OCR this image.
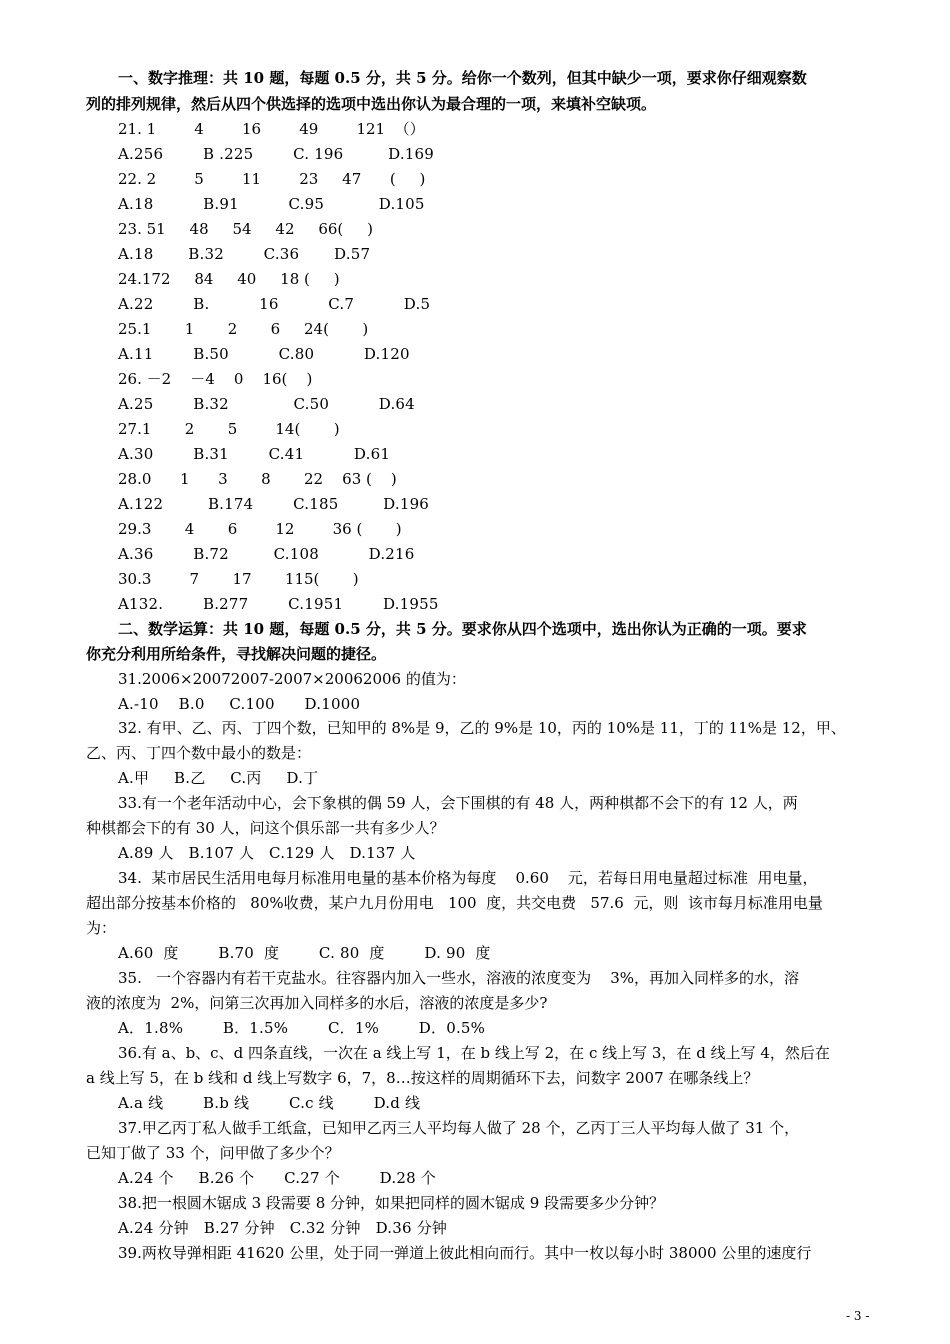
一、数字推理：共 10 题，每题 0.5 分，共 5 分。给你一个数列，但其中缺少一项，要求你仔细观察数

列的排列规律，然后从四个供选择的选项中选出你认为最合理的一项，来填补空缺项。

21. 1        4        16        49        121  （）

A.256        B .225        C. 196         D.169

22. 2        5        11        23     47      (     )

A.18          B.91          C.95           D.105

23. 51     48     54     42     66(     )

A.18       B.32        C.36       D.57

24.172     84     40     18 (     )

A.22        B.          16          C.7          D.5

25.1       1       2       6     24(       )

A.11        B.50          C.80          D.120

26. －2    －4    0    16(    )

A.25        B.32             C.50          D.64

27.1       2       5        14(       )

A.30        B.31        C.41          D.61

28.0      1      3       8       22    63 (    )

A.122         B.174        C.185         D.196

29.3       4       6        12        36 (       )

A.36        B.72         C.108          D.216

30.3        7       17       115(       )

A132.        B.277        C.1951        D.1955

二、数学运算：共 10 题，每题 0.5 分，共 5 分。要求你从四个选项中，选出你认为正确的一项。要求

你充分利用所给条件，寻找解决问题的捷径。

31.2006×20072007-2007×20062006 的值为：

A.-10    B.0     C.100      D.1000

32. 有甲、乙、丙、丁四个数，已知甲的 8%是 9，乙的 9%是 10，丙的 10%是 11，丁的 11%是 12，甲、

乙、丙、丁四个数中最小的数是：

A.甲     B.乙     C.丙     D.丁

33.有一个老年活动中心，会下象棋的偶 59 人，会下围棋的有 48 人，两种棋都不会下的有 12 人，两

种棋都会下的有 30 人，问这个俱乐部一共有多少人？

A.89 人   B.107 人   C.129 人   D.137 人

34.  某市居民生活用电每月标准用电量的基本价格为每度    0.60    元，若每日用电量超过标准  用电量，

超出部分按基本价格的   80%收费，某户九月份用电   100  度，共交电费   57.6  元，则  该市每月标准用电量

为：

A.60  度        B.70  度        C. 80  度        D. 90  度

35.   一个容器内有若干克盐水。往容器内加入一些水，溶液的浓度变为    3%，再加入同样多的水，溶

液的浓度为  2%，问第三次再加入同样多的水后，溶液的浓度是多少?

A．1.8%        B．1.5%        C．1%        D．0.5%

36.有 a、b、c、d 四条直线，一次在 a 线上写 1，在 b 线上写 2，在 c 线上写 3，在 d 线上写 4，然后在

a 线上写 5，在 b 线和 d 线上写数字 6，7，8…按这样的周期循环下去，问数字 2007 在哪条线上？

A.a 线        B.b 线        C.c 线        D.d 线

37.甲乙丙丁私人做手工纸盒，已知甲乙丙三人平均每人做了 28 个，乙丙丁三人平均每人做了 31 个，

已知丁做了 33 个，问甲做了多少个？

A.24 个     B.26 个      C.27 个        D.28 个

38.把一根圆木锯成 3 段需要 8 分钟，如果把同样的圆木锯成 9 段需要多少分钟？

A.24 分钟   B.27 分钟   C.32 分钟   D.36 分钟

39.两枚导弹相距 41620 公里，处于同一弹道上彼此相向而行。其中一枚以每小时 38000 公里的速度行

- 3 -
